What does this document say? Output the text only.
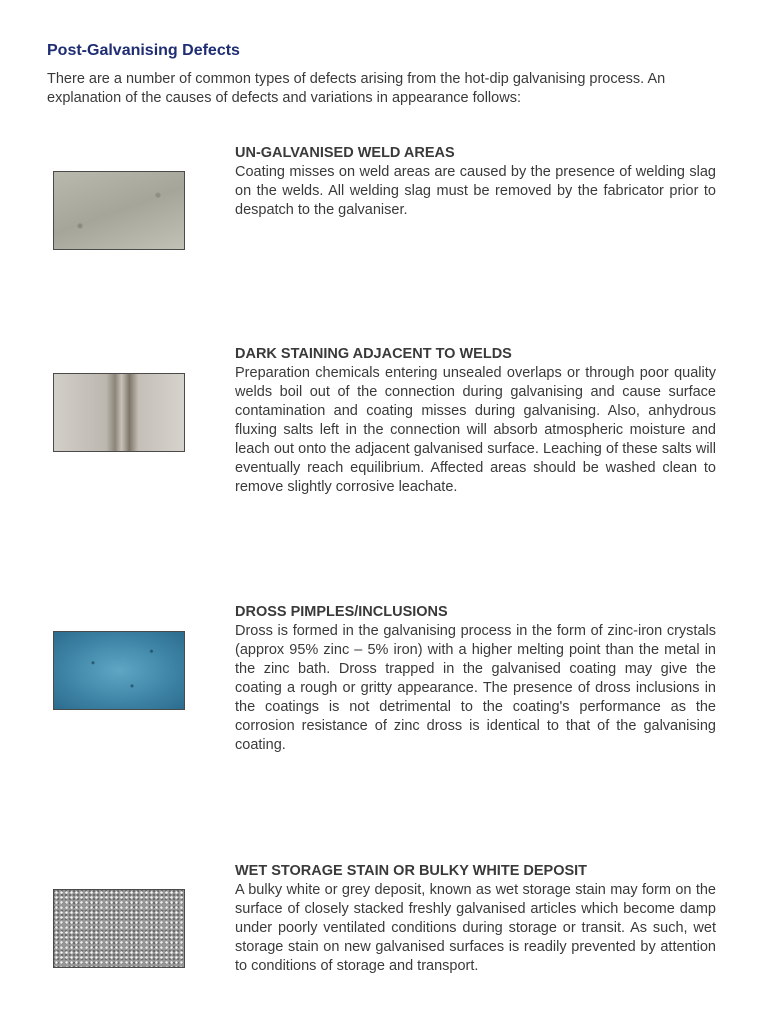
Post-Galvanising Defects

There are a number of common types of defects arising from the hot-dip galvanising process. An explanation of the causes of defects and variations in appearance follows:

UN-GALVANISED WELD AREAS

Coating misses on weld areas are caused by the presence of welding slag on the welds. All welding slag must be removed by the fabricator prior to despatch to the galvaniser.

DARK STAINING ADJACENT TO WELDS

Preparation chemicals entering unsealed overlaps or through poor quality welds boil out of the connection during galvanising and cause surface contamination and coating misses during galvanising. Also, anhydrous fluxing salts left in the connection will absorb atmospheric moisture and leach out onto the adjacent galvanised surface. Leaching of these salts will eventually reach equilibrium. Affected areas should be washed clean to remove slightly corrosive leachate.

DROSS PIMPLES/INCLUSIONS

Dross is formed in the galvanising process in the form of zinc-iron crystals (approx 95% zinc – 5% iron) with a higher melting point than the metal in the zinc bath. Dross trapped in the galvanised coating may give the coating a rough or gritty appearance. The presence of dross inclusions in the coatings is not detrimental to the coating's performance as the corrosion resistance of zinc dross is identical to that of the galvanising coating.

WET STORAGE STAIN OR BULKY WHITE DEPOSIT

A bulky white or grey deposit, known as wet storage stain may form on the surface of closely stacked freshly galvanised articles which become damp under poorly ventilated conditions during storage or transit. As such, wet storage stain on new galvanised surfaces is readily prevented by attention to conditions of storage and transport.
